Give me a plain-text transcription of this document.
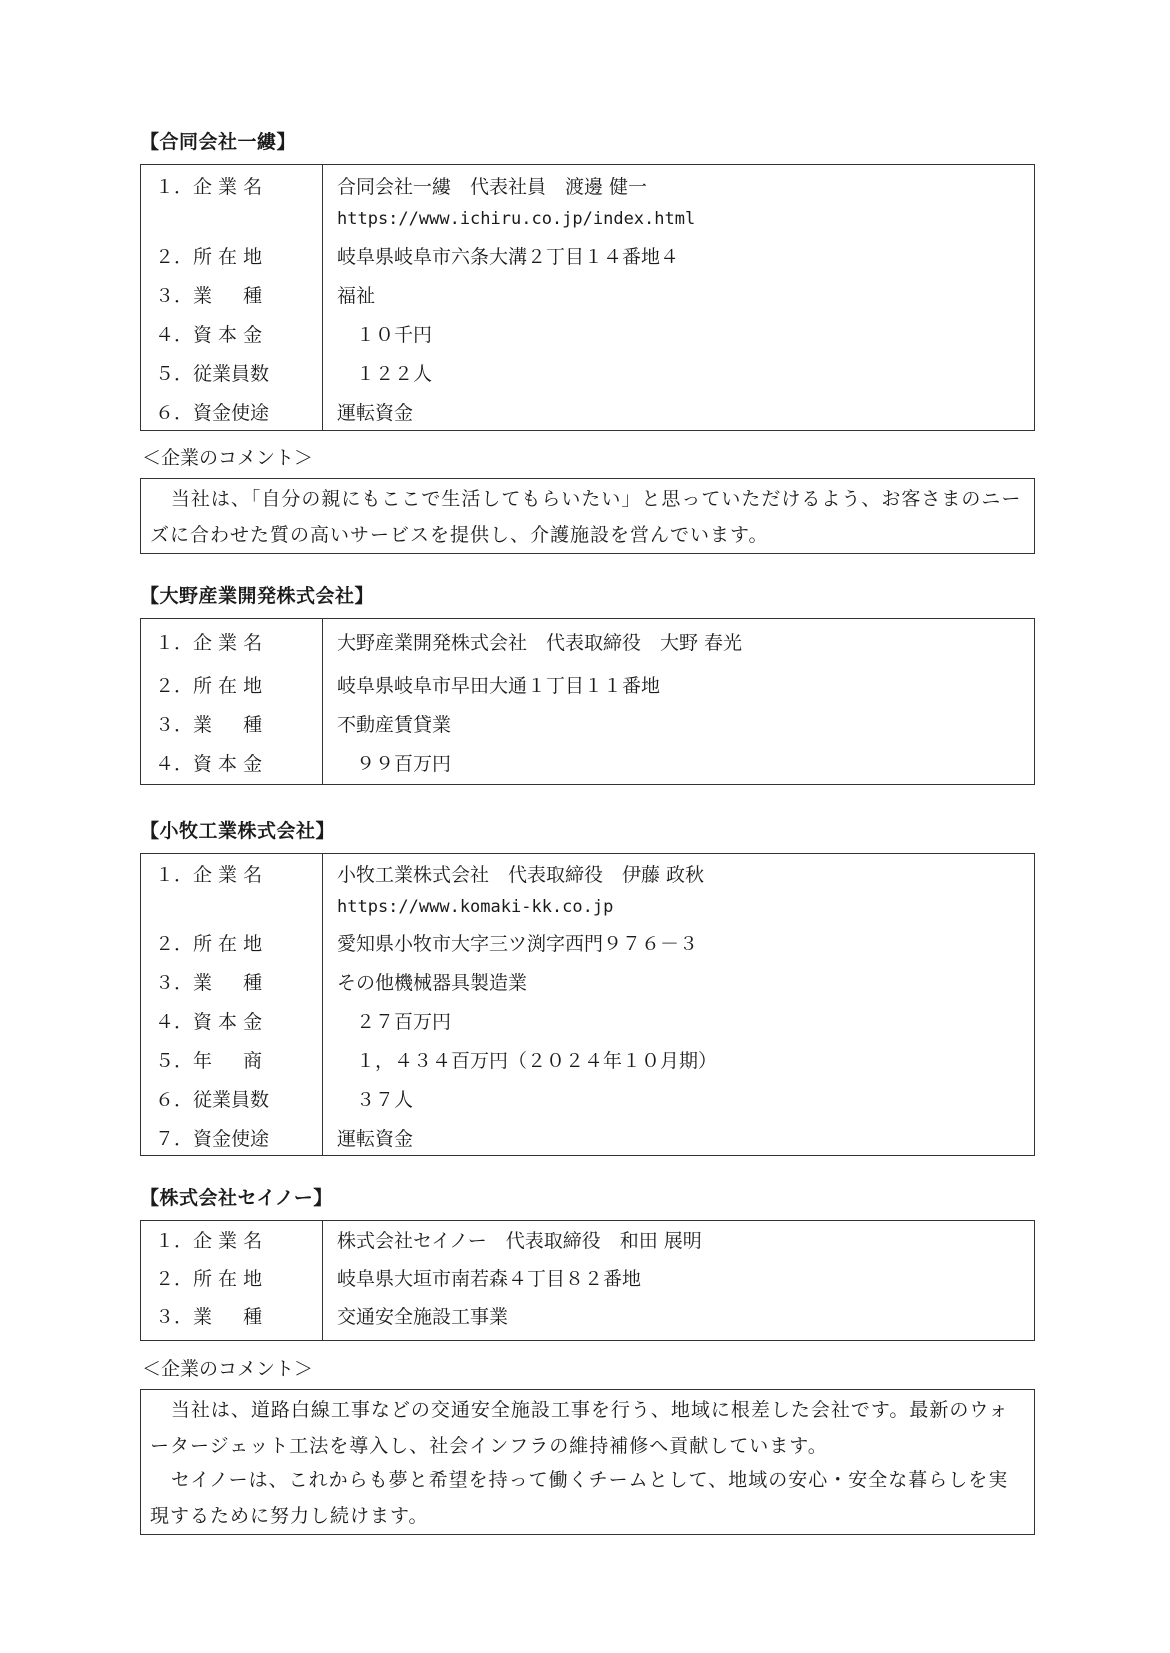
【合同会社一縷】
１．企 業 名	合同会社一縷　代表社員　渡邊 健一
https://www.ichiru.co.jp/index.html
２．所 在 地	岐阜県岐阜市六条大溝２丁目１４番地４
３．業 　 種	福祉
４．資 本 金	　１０千円
５．従業員数	　１２２人
６．資金使途	運転資金
＜企業のコメント＞
当社は、「自分の親にもここで生活してもらいたい」と思っていただけるよう、お客さまのニーズに合わせた質の高いサービスを提供し、介護施設を営んでいます。
【大野産業開発株式会社】
１．企 業 名	大野産業開発株式会社　代表取締役　大野 春光
２．所 在 地	岐阜県岐阜市早田大通１丁目１１番地
３．業 　 種	不動産賃貸業
４．資 本 金	　９９百万円
【小牧工業株式会社】
１．企 業 名	小牧工業株式会社　代表取締役　伊藤 政秋
https://www.komaki-kk.co.jp
２．所 在 地	愛知県小牧市大字三ツ渕字西門９７６－３
３．業 　 種	その他機械器具製造業
４．資 本 金	　２７百万円
５．年 　 商	　１，４３４百万円（２０２４年１０月期）
６．従業員数	　３７人
７．資金使途	運転資金
【株式会社セイノー】
１．企 業 名	株式会社セイノー　代表取締役　和田 展明
２．所 在 地	岐阜県大垣市南若森４丁目８２番地
３．業 　 種	交通安全施設工事業
＜企業のコメント＞
当社は、道路白線工事などの交通安全施設工事を行う、地域に根差した会社です。最新のウォータージェット工法を導入し、社会インフラの維持補修へ貢献しています。
セイノーは、これからも夢と希望を持って働くチームとして、地域の安心・安全な暮らしを実現するために努力し続けます。
